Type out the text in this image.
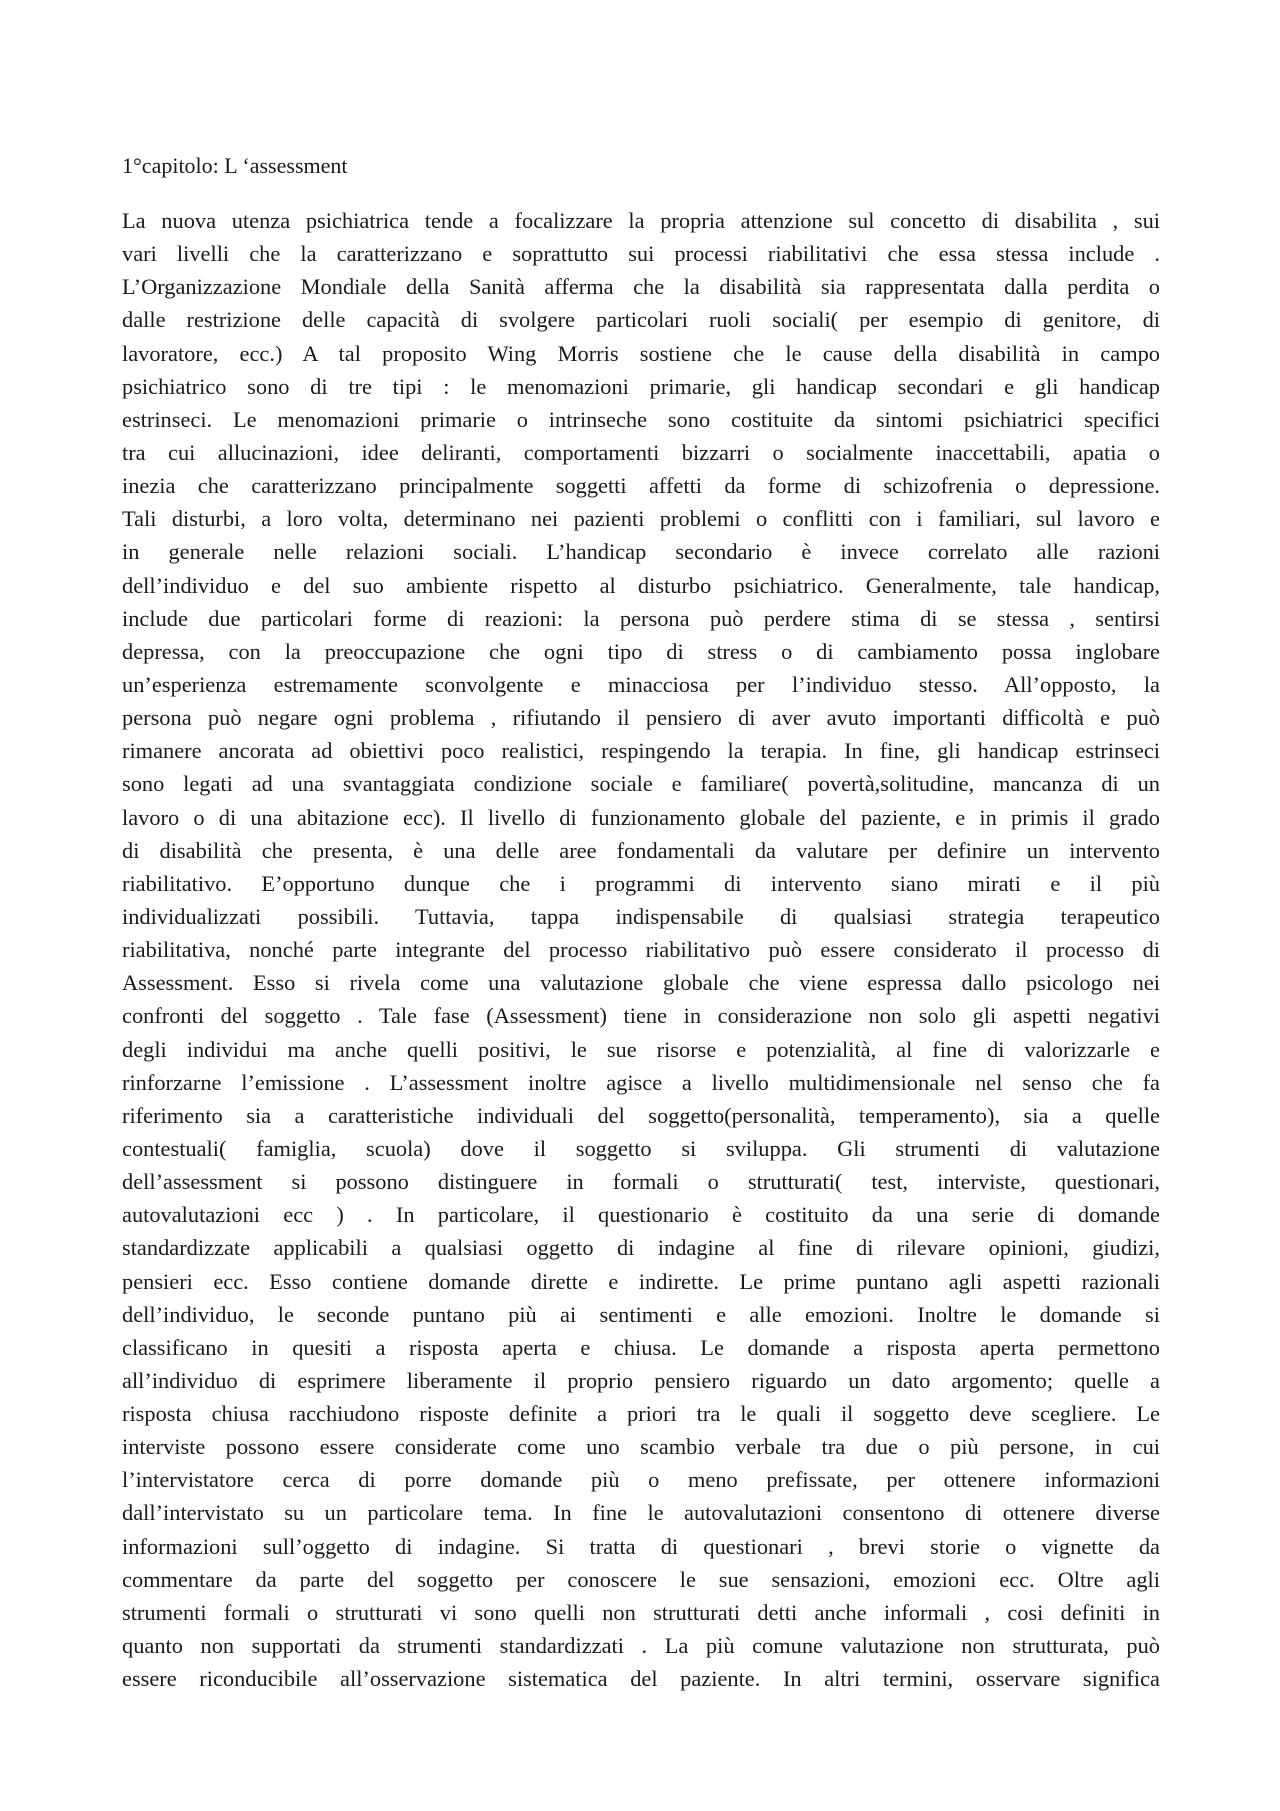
1°capitolo: L ‘assessment
La nuova utenza psichiatrica tende a focalizzare la propria attenzione sul concetto di disabilita , sui
vari livelli che la caratterizzano e soprattutto sui processi riabilitativi che essa stessa include .
L’Organizzazione Mondiale della Sanità afferma che la disabilità sia rappresentata dalla perdita o
dalle restrizione delle capacità di svolgere particolari ruoli sociali( per esempio di genitore, di
lavoratore, ecc.) A tal proposito Wing Morris sostiene che le cause della disabilità in campo
psichiatrico sono di tre tipi : le menomazioni primarie, gli handicap secondari e gli handicap
estrinseci. Le menomazioni primarie o intrinseche sono costituite da sintomi psichiatrici specifici
tra cui allucinazioni, idee deliranti, comportamenti bizzarri o socialmente inaccettabili, apatia o
inezia che caratterizzano principalmente soggetti affetti da forme di schizofrenia o depressione.
Tali disturbi, a loro volta, determinano nei pazienti problemi o conflitti con i familiari, sul lavoro e
in generale nelle relazioni sociali. L’handicap secondario è invece correlato alle razioni
dell’individuo e del suo ambiente rispetto al disturbo psichiatrico. Generalmente, tale handicap,
include due particolari forme di reazioni: la persona può perdere stima di se stessa , sentirsi
depressa, con la preoccupazione che ogni tipo di stress o di cambiamento possa inglobare
un’esperienza estremamente sconvolgente e minacciosa per l’individuo stesso. All’opposto, la
persona può negare ogni problema , rifiutando il pensiero di aver avuto importanti difficoltà e può
rimanere ancorata ad obiettivi poco realistici, respingendo la terapia. In fine, gli handicap estrinseci
sono legati ad una svantaggiata condizione sociale e familiare( povertà,solitudine, mancanza di un
lavoro o di una abitazione ecc). Il livello di funzionamento globale del paziente, e in primis il grado
di disabilità che presenta, è una delle aree fondamentali da valutare per definire un intervento
riabilitativo. E’opportuno dunque che i programmi di intervento siano mirati e il più
individualizzati possibili. Tuttavia, tappa indispensabile di qualsiasi strategia terapeutico
riabilitativa, nonché parte integrante del processo riabilitativo può essere considerato il processo di
Assessment. Esso si rivela come una valutazione globale che viene espressa dallo psicologo nei
confronti del soggetto . Tale fase (Assessment) tiene in considerazione non solo gli aspetti negativi
degli individui ma anche quelli positivi, le sue risorse e potenzialità, al fine di valorizzarle e
rinforzarne l’emissione . L’assessment inoltre agisce a livello multidimensionale nel senso che fa
riferimento sia a caratteristiche individuali del soggetto(personalità, temperamento), sia a quelle
contestuali( famiglia, scuola) dove il soggetto si sviluppa. Gli strumenti di valutazione
dell’assessment si possono distinguere in formali o strutturati( test, interviste, questionari,
autovalutazioni ecc ) . In particolare, il questionario è costituito da una serie di domande
standardizzate applicabili a qualsiasi oggetto di indagine al fine di rilevare opinioni, giudizi,
pensieri ecc. Esso contiene domande dirette e indirette. Le prime puntano agli aspetti razionali
dell’individuo, le seconde puntano più ai sentimenti e alle emozioni. Inoltre le domande si
classificano in quesiti a risposta aperta e chiusa. Le domande a risposta aperta permettono
all’individuo di esprimere liberamente il proprio pensiero riguardo un dato argomento; quelle a
risposta chiusa racchiudono risposte definite a priori tra le quali il soggetto deve scegliere. Le
interviste possono essere considerate come uno scambio verbale tra due o più persone, in cui
l’intervistatore cerca di porre domande più o meno prefissate, per ottenere informazioni
dall’intervistato su un particolare tema. In fine le autovalutazioni consentono di ottenere diverse
informazioni sull’oggetto di indagine. Si tratta di questionari , brevi storie o vignette da
commentare da parte del soggetto per conoscere le sue sensazioni, emozioni ecc. Oltre agli
strumenti formali o strutturati vi sono quelli non strutturati detti anche informali , cosi definiti in
quanto non supportati da strumenti standardizzati . La più comune valutazione non strutturata, può
essere riconducibile all’osservazione sistematica del paziente. In altri termini, osservare significa
